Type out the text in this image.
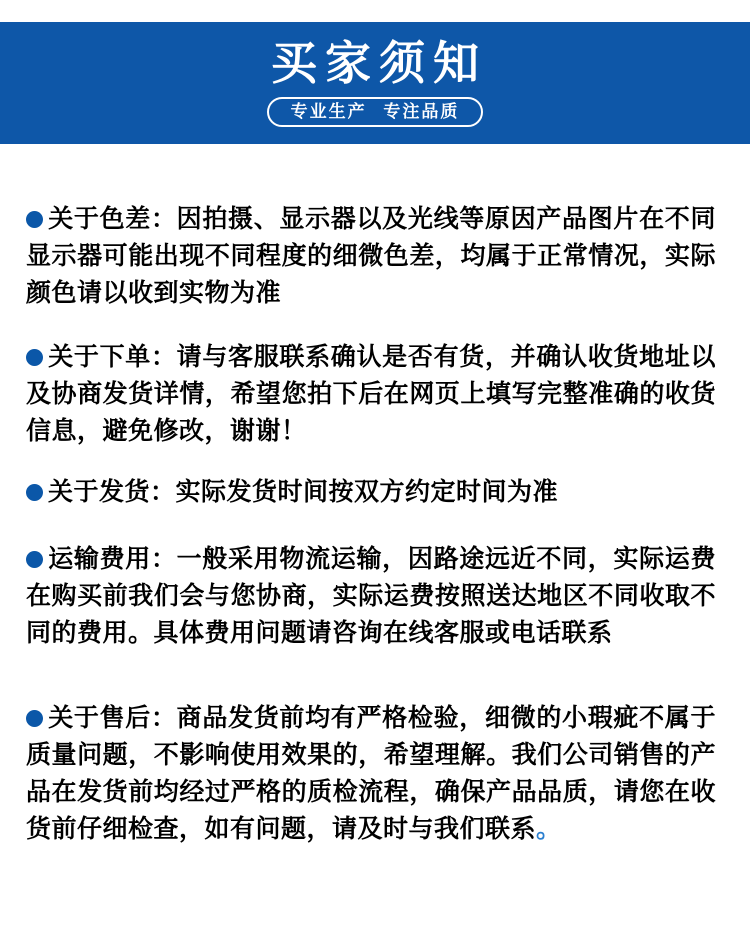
买家须知
专业生产 专注品质
关于色差：因拍摄、显示器以及光线等原因产品图片在不同
显示器可能出现不同程度的细微色差，均属于正常情况，实际
颜色请以收到实物为准
关于下单：请与客服联系确认是否有货，并确认收货地址以
及协商发货详情，希望您拍下后在网页上填写完整准确的收货
信息，避免修改，谢谢！
关于发货：实际发货时间按双方约定时间为准
运输费用：一般采用物流运输，因路途远近不同，实际运费
在购买前我们会与您协商，实际运费按照送达地区不同收取不
同的费用。具体费用问题请咨询在线客服或电话联系
关于售后：商品发货前均有严格检验，细微的小瑕疵不属于
质量问题，不影响使用效果的，希望理解。我们公司销售的产
品在发货前均经过严格的质检流程，确保产品品质，请您在收
货前仔细检查，如有问题，请及时与我们联系。
